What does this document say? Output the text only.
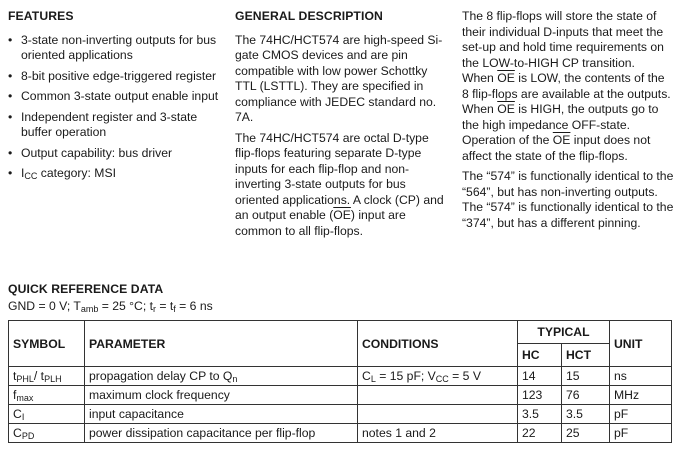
FEATURES
• 3-state non-inverting outputs for bus oriented applications
• 8-bit positive edge-triggered register
• Common 3-state output enable input
• Independent register and 3-state buffer operation
• Output capability: bus driver
• $I_{CC}$ category: MSI
GENERAL DESCRIPTION

The 74HC/HCT574 are high-speed Si-gate CMOS devices and are pin compatible with low power Schottky TTL (LSTTL). They are specified in compliance with JEDEC standard no. 7A.

The 74HC/HCT574 are octal D-type flip-flops featuring separate D-type inputs for each flip-flop and non-inverting 3-state outputs for bus oriented applications. A clock (CP) and an output enable $(\overline{OE})$ input are common to all flip-flops.

The 8 flip-flops will store the state of their individual D-inputs that meet the set-up and hold time requirements on the LOW-to-HIGH CP transition.

When $\overline{OE}$ is LOW, the contents of the 8 flip-flops are available at the outputs.

When $\overline{OE}$ is HIGH, the outputs go to the high impedance OFF-state. Operation of the $\overline{OE}$ input does not affect the state of the flip-flops.

The “574” is functionally identical to the “564”, but has non-inverting outputs.

The “574” is functionally identical to the “374”, but has a different pinning.

QUICK REFERENCE DATA
GND = 0 V; $T_{amb} = 25$ °C; $t_r = t_f = 6$ ns
SYMBOL	PARAMETER	CONDITIONS	TYPICAL		UNIT
			HC	HCT	
$t_{PHL}/$ $t_{PLH}$	propagation delay CP to $Q_n$	$C_L = 15$ pF; $V_{CC} = 5$ V	14	15	ns
$f_{max}$	maximum clock frequency		123	76	MHz
$C_I$	input capacitance		3.5	3.5	pF
$C_{PD}$	power dissipation capacitance per flip-flop	notes 1 and 2	22	25	pF
